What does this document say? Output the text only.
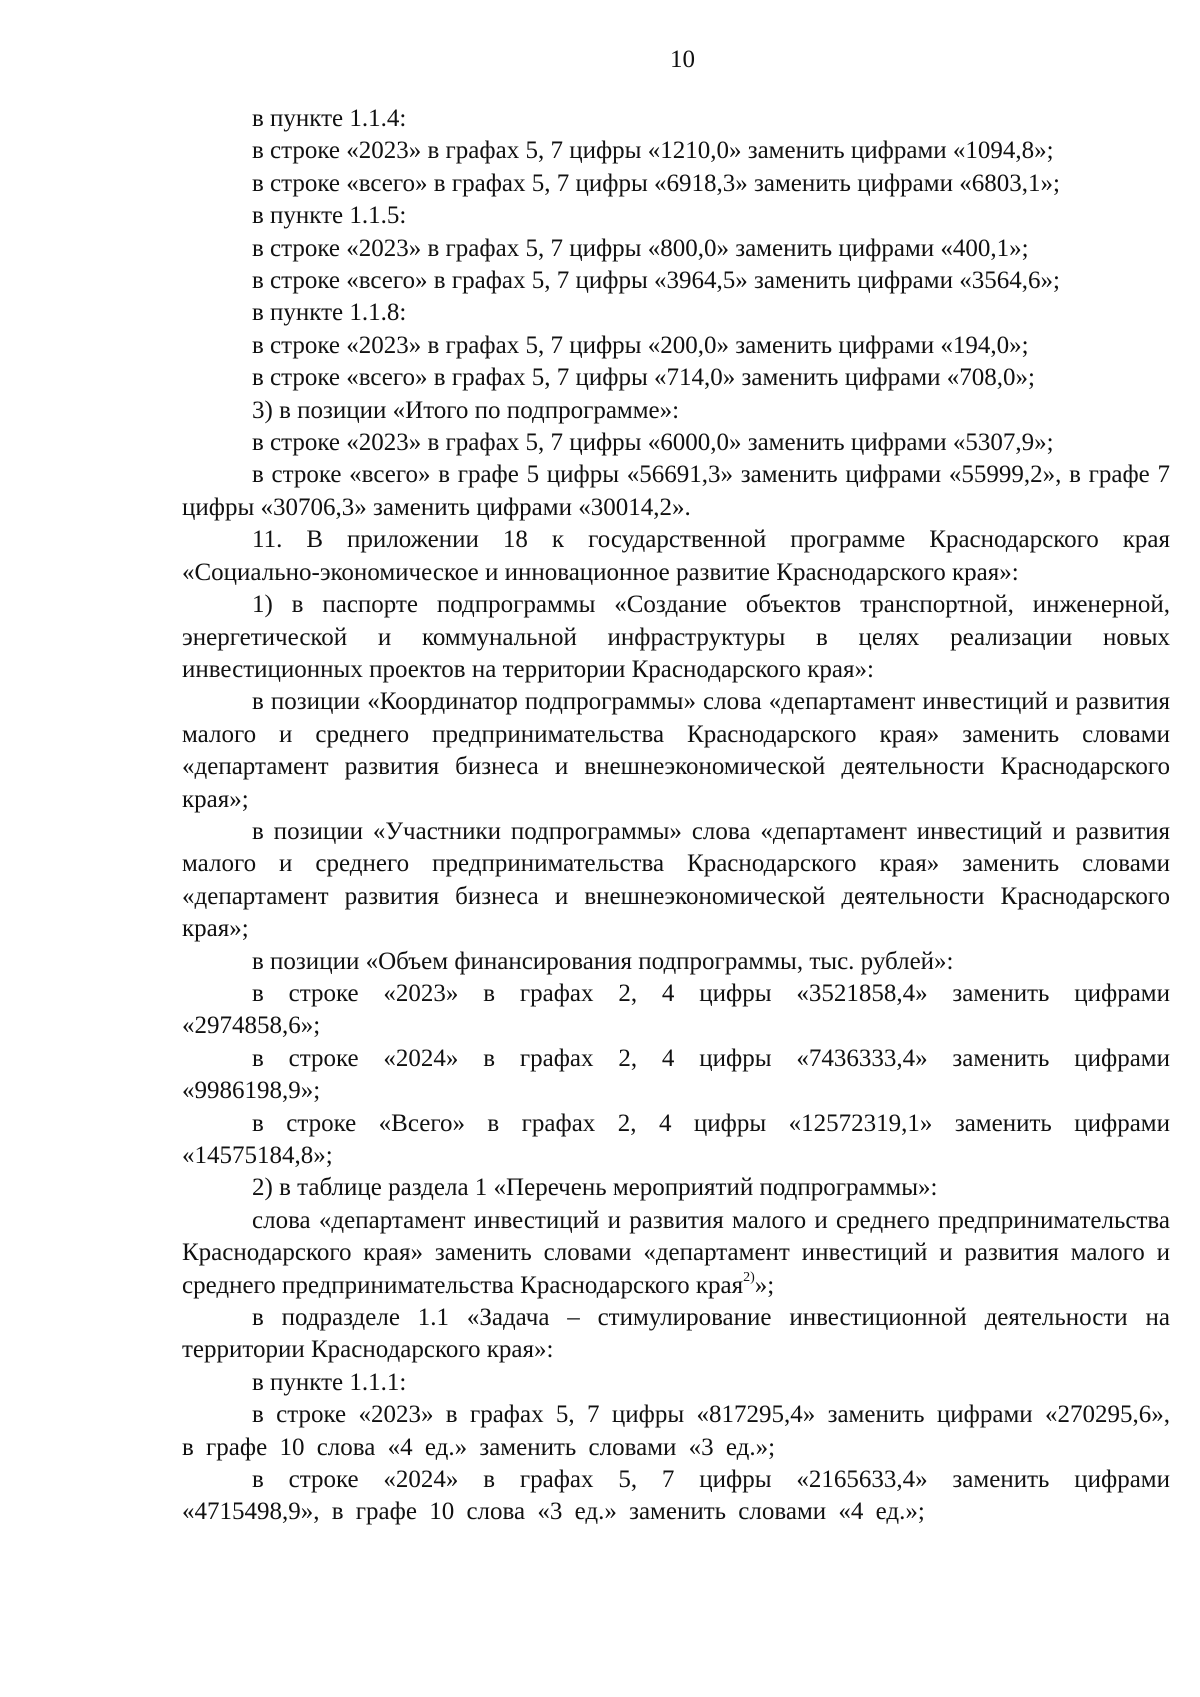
10

в пункте 1.1.4:

в строке «2023» в графах 5, 7 цифры «1210,0» заменить цифрами «1094,8»;

в строке «всего» в графах 5, 7 цифры «6918,3» заменить цифрами «6803,1»;

в пункте 1.1.5:

в строке «2023» в графах 5, 7 цифры «800,0» заменить цифрами «400,1»;

в строке «всего» в графах 5, 7 цифры «3964,5» заменить цифрами «3564,6»;

в пункте 1.1.8:

в строке «2023» в графах 5, 7 цифры «200,0» заменить цифрами «194,0»;

в строке «всего» в графах 5, 7 цифры «714,0» заменить цифрами «708,0»;

3) в позиции «Итого по подпрограмме»:

в строке «2023» в графах 5, 7 цифры «6000,0» заменить цифрами «5307,9»;

в строке «всего» в графе 5 цифры «56691,3» заменить цифрами «55999,2», в графе 7 цифры «30706,3» заменить цифрами «30014,2».

11. В приложении 18 к государственной программе Краснодарского края «Социально-экономическое и инновационное развитие Краснодарского края»:

1) в паспорте подпрограммы «Создание объектов транспортной, инженерной, энергетической и коммунальной инфраструктуры в целях реализации новых инвестиционных проектов на территории Краснодарского края»:

в позиции «Координатор подпрограммы» слова «департамент инвестиций и развития малого и среднего предпринимательства Краснодарского края» заменить словами «департамент развития бизнеса и внешнеэкономической деятельности Краснодарского края»;

в позиции «Участники подпрограммы» слова «департамент инвестиций и развития малого и среднего предпринимательства Краснодарского края» заменить словами «департамент развития бизнеса и внешнеэкономической деятельности Краснодарского края»;

в позиции «Объем финансирования подпрограммы, тыс. рублей»:

в строке «2023» в графах 2, 4 цифры «3521858,4» заменить цифрами «2974858,6»;

в строке «2024» в графах 2, 4 цифры «7436333,4» заменить цифрами «9986198,9»;

в строке «Всего» в графах 2, 4 цифры «12572319,1» заменить цифрами «14575184,8»;

2) в таблице раздела 1 «Перечень мероприятий подпрограммы»:

слова «департамент инвестиций и развития малого и среднего предпринимательства Краснодарского края» заменить словами «департамент инвестиций и развития малого и среднего предпринимательства Краснодарского края$^{2)}$»;

в подразделе 1.1 «Задача – стимулирование инвестиционной деятельности на территории Краснодарского края»:

в пункте 1.1.1:

в строке «2023» в графах 5, 7 цифры «817295,4» заменить цифрами «270295,6», в графе 10 слова «4 ед.» заменить словами «3 ед.»;

в строке «2024» в графах 5, 7 цифры «2165633,4» заменить цифрами «4715498,9», в графе 10 слова «3 ед.» заменить словами «4 ед.»;
